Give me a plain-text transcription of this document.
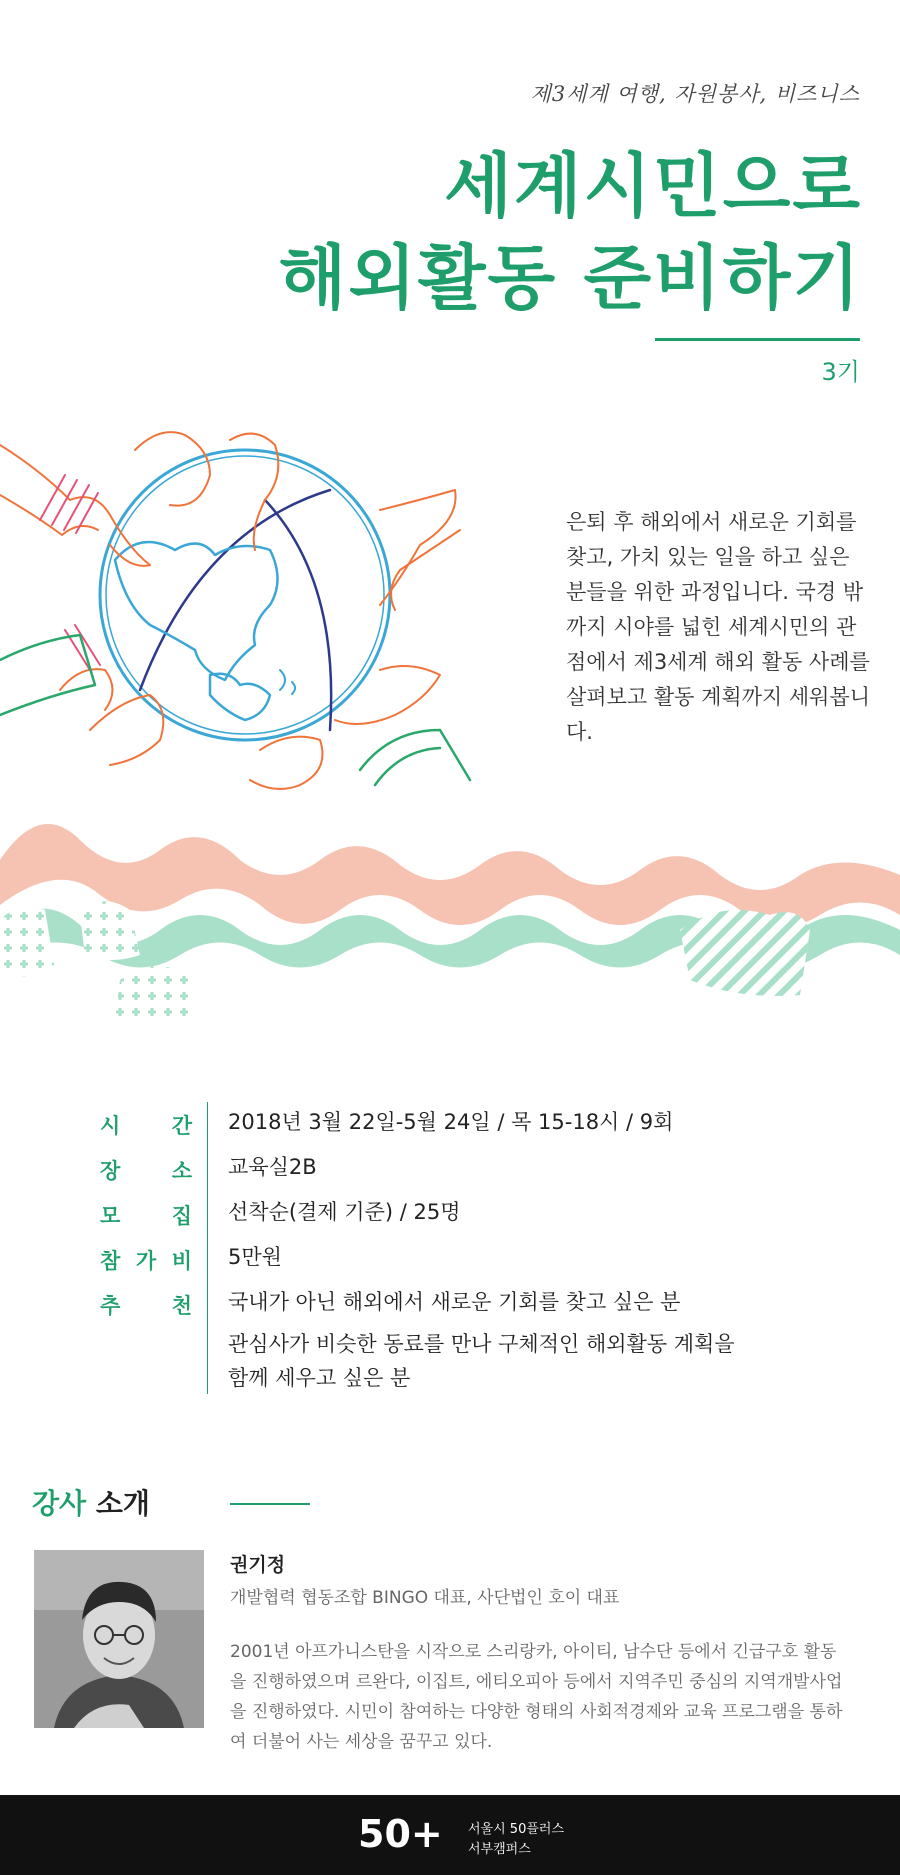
제3세계 여행, 자원봉사, 비즈니스
세계시민으로
해외활동 준비하기
3기
은퇴 후 해외에서 새로운 기회를 찾고, 가치 있는 일을 하고 싶은 분들을 위한 과정입니다. 국경 밖까지 시야를 넓힌 세계시민의 관점에서 제3세계 해외 활동 사례를 살펴보고 활동 계획까지 세워봅니다.
시 간 2018년 3월 22일-5월 24일 / 목 15-18시 / 9회
장 소 교육실2B
모 집 선착순(결제 기준) / 25명
참 가 비 5만원
추 천 국내가 아닌 해외에서 새로운 기회를 찾고 싶은 분
관심사가 비슷한 동료를 만나 구체적인 해외활동 계획을
함께 세우고 싶은 분
강사 소개
권기정
개발협력 협동조합 BINGO 대표, 사단법인 호이 대표
2001년 아프가니스탄을 시작으로 스리랑카, 아이티, 남수단 등에서 긴급구호 활동을 진행하였으며 르완다, 이집트, 에티오피아 등에서 지역주민 중심의 지역개발사업을 진행하였다. 시민이 참여하는 다양한 형태의 사회적경제와 교육 프로그램을 통하여 더불어 사는 세상을 꿈꾸고 있다.
50+ 서울시 50플러스
서부캠퍼스
